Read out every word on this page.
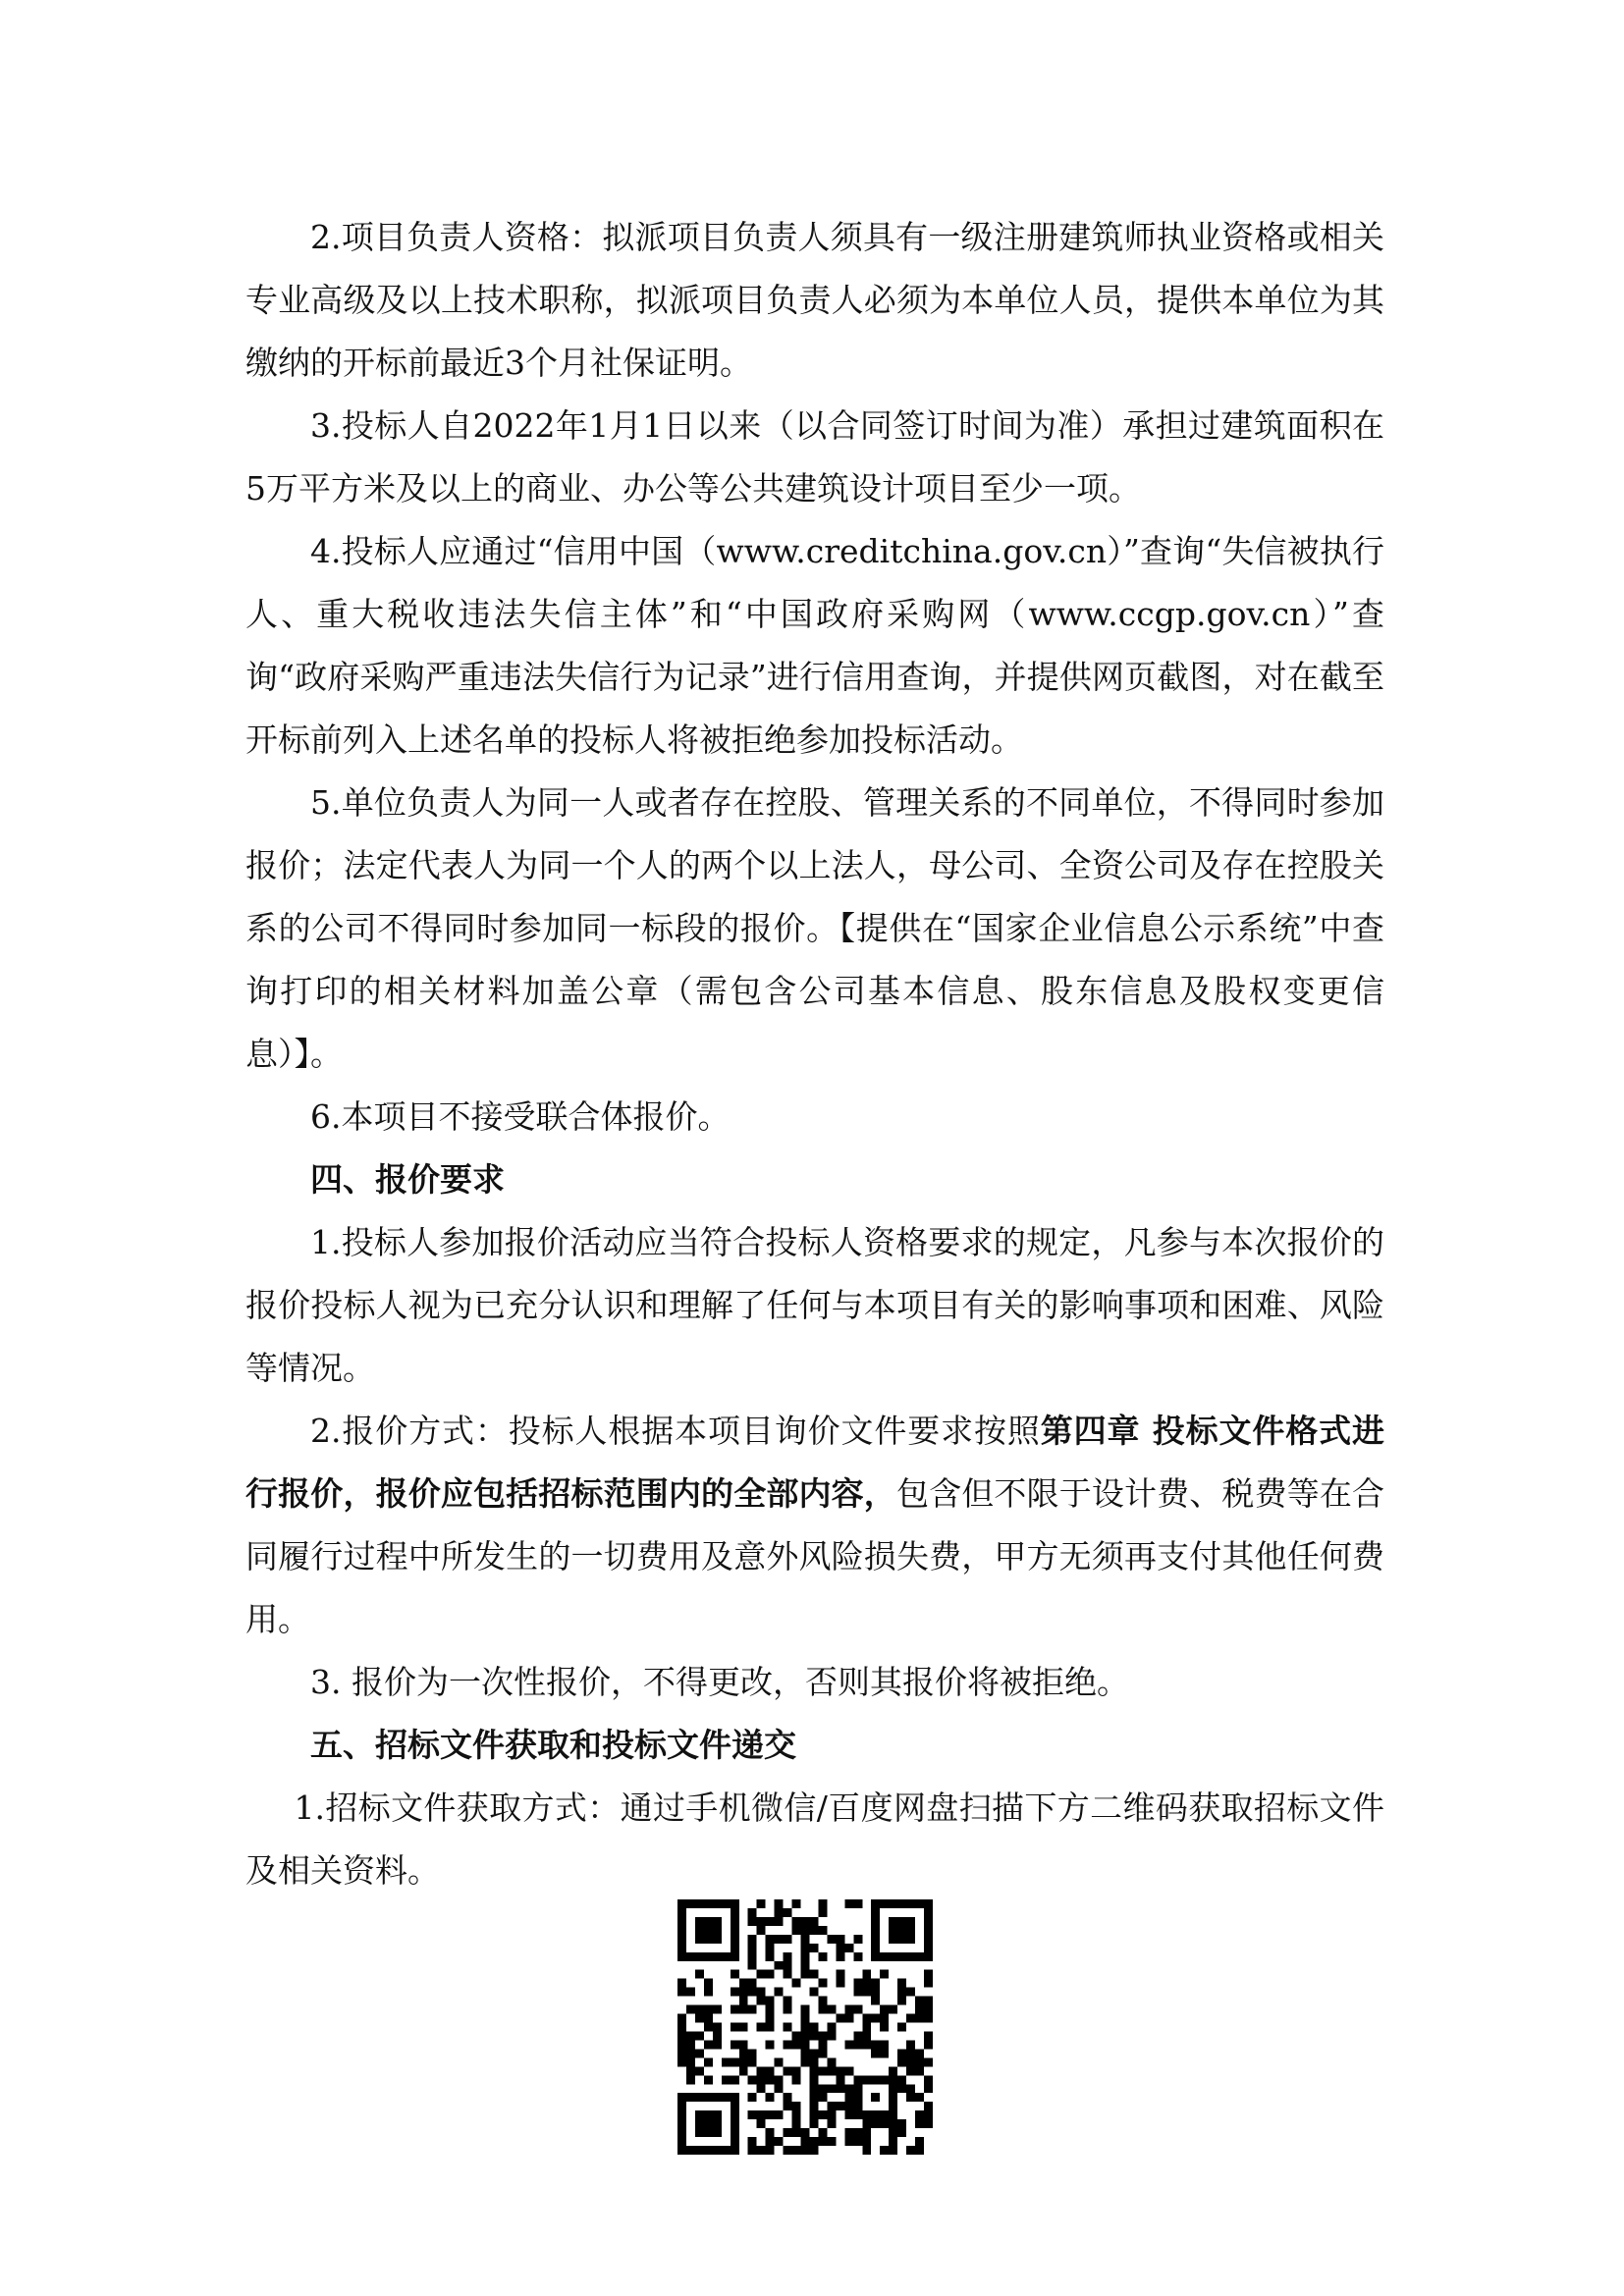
2.项目负责人资格：拟派项目负责人须具有一级注册建筑师执业资格或相关专业高级及以上技术职称，拟派项目负责人必须为本单位人员，提供本单位为其缴纳的开标前最近3个月社保证明。

3.投标人自2022年1月1日以来（以合同签订时间为准）承担过建筑面积在5万平方米及以上的商业、办公等公共建筑设计项目至少一项。

4.投标人应通过“信用中国（www.creditchina.gov.cn）”查询“失信被执行人、重大税收违法失信主体”和“中国政府采购网（www.ccgp.gov.cn）”查询“政府采购严重违法失信行为记录”进行信用查询，并提供网页截图，对在截至开标前列入上述名单的投标人将被拒绝参加投标活动。

5.单位负责人为同一人或者存在控股、管理关系的不同单位，不得同时参加报价；法定代表人为同一个人的两个以上法人，母公司、全资公司及存在控股关系的公司不得同时参加同一标段的报价。【提供在“国家企业信息公示系统”中查询打印的相关材料加盖公章（需包含公司基本信息、股东信息及股权变更信息）】。

6.本项目不接受联合体报价。

四、报价要求

1.投标人参加报价活动应当符合投标人资格要求的规定，凡参与本次报价的报价投标人视为已充分认识和理解了任何与本项目有关的影响事项和困难、风险等情况。

2.报价方式：投标人根据本项目询价文件要求按照第四章 投标文件格式进行报价，报价应包括招标范围内的全部内容，包含但不限于设计费、税费等在合同履行过程中所发生的一切费用及意外风险损失费，甲方无须再支付其他任何费用。

3. 报价为一次性报价，不得更改，否则其报价将被拒绝。

五、招标文件获取和投标文件递交

1.招标文件获取方式：通过手机微信/百度网盘扫描下方二维码获取招标文件及相关资料。
